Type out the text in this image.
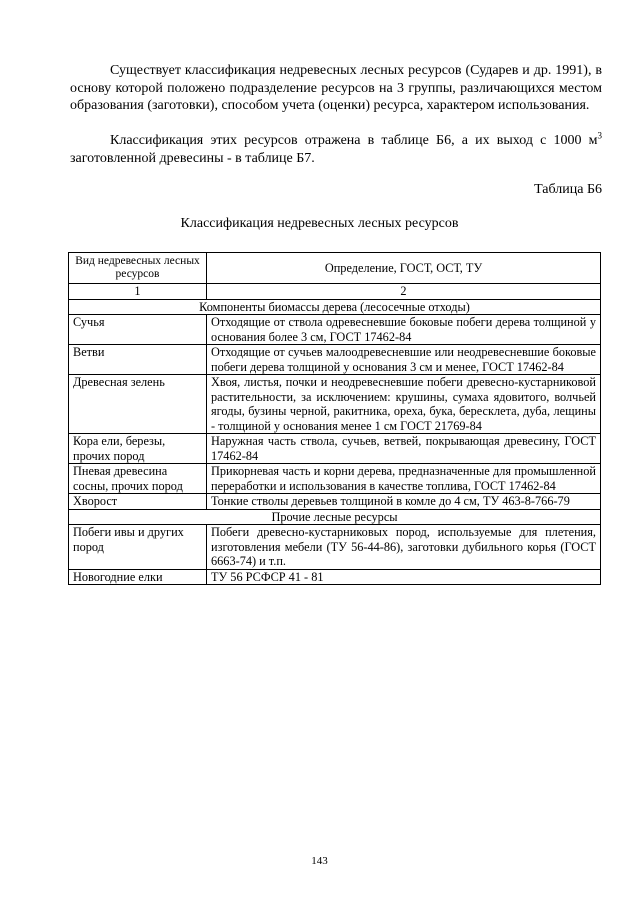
Существует классификация недревесных лесных ресурсов (Сударев и др. 1991), в основу которой положено подразделение ресурсов на 3 группы, различающихся местом образования (заготовки), способом учета (оценки) ресурса, характером использования.

Классификация этих ресурсов отражена в таблице Б6, а их выход с 1000 $м^3$ заготовленной древесины - в таблице Б7.

Таблица Б6
Классификация недревесных лесных ресурсов
Вид недревесных лесных ресурсов	Определение, ГОСТ, ОСТ, ТУ
1	2
Компоненты биомассы дерева (лесосечные отходы)	
Сучья	Отходящие от ствола одревесневшие боковые побеги дерева толщиной у основания более 3 см, ГОСТ 17462-84
Ветви	Отходящие от сучьев малоодревесневшие или неодревесневшие боковые побеги дерева толщиной у основания 3 см и менее, ГОСТ 17462-84
Древесная зелень	Хвоя, листья, почки и неодревесневшие побеги древесно-кустарниковой растительности, за исключением: крушины, сумаха ядовитого, волчьей ягоды, бузины черной, ракитника, ореха, бука, бересклета, дуба, лещины - толщиной у основания менее 1 см ГОСТ 21769-84
Кора ели, березы, прочих пород	Наружная часть ствола, сучьев, ветвей, покрывающая древесину, ГОСТ 17462-84
Пневая древесина сосны, прочих пород	Прикорневая часть и корни дерева, предназначенные для промышленной переработки и использования в качестве топлива, ГОСТ 17462-84
Хворост	Тонкие стволы деревьев толщиной в комле до 4 см, ТУ 463-8-766-79
Прочие лесные ресурсы	
Побеги ивы и других пород	Побеги древесно-кустарниковых пород, используемые для плетения, изготовления мебели (ТУ 56-44-86), заготовки дубильного корья (ГОСТ 6663-74) и т.п.
Новогодние елки	ТУ 56 РСФСР 41 - 81
143
